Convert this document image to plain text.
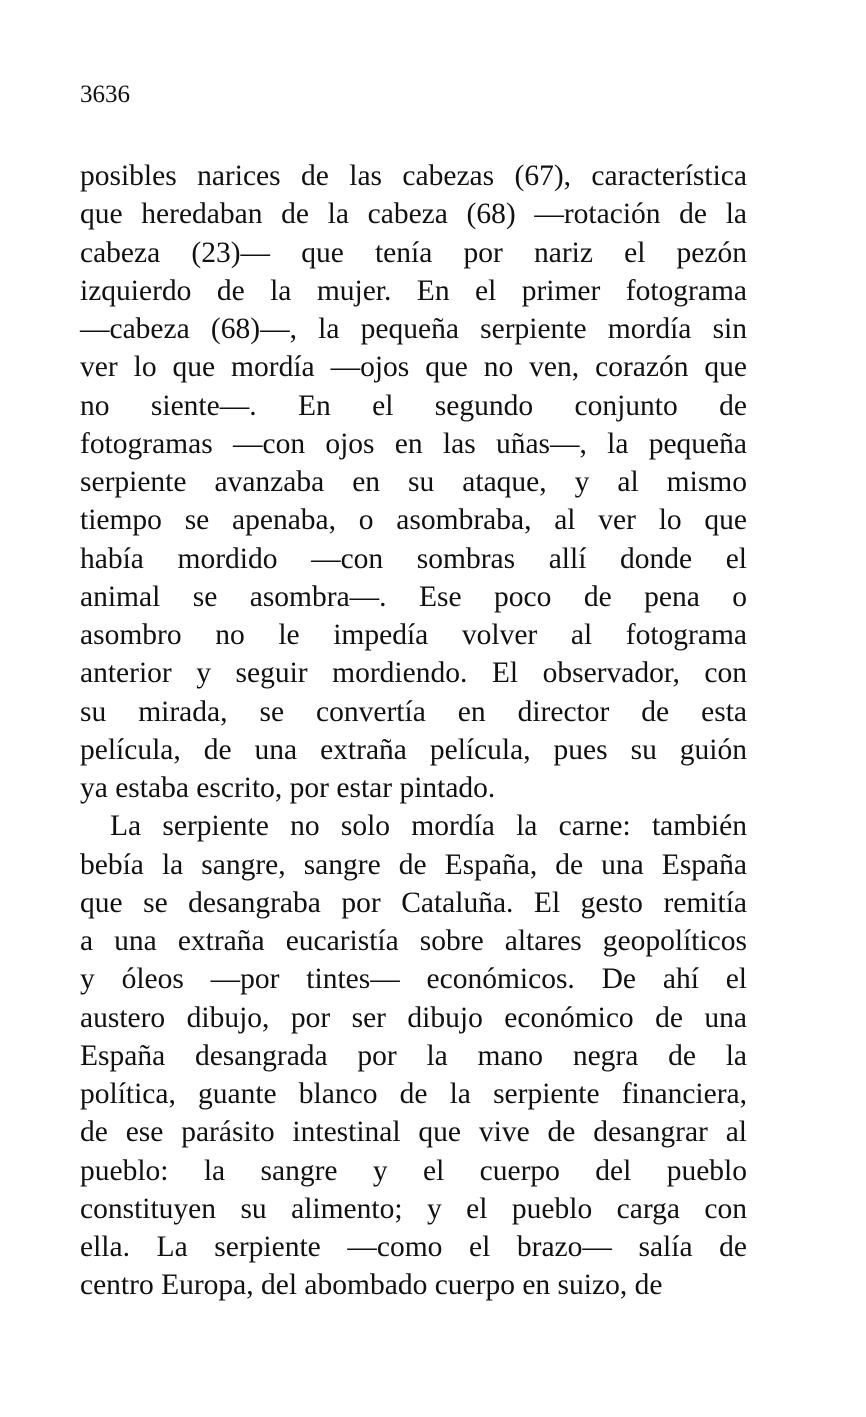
3636
posibles narices de las cabezas (67), característica
que heredaban de la cabeza (68) —rotación de la
cabeza (23)— que tenía por nariz el pezón
izquierdo de la mujer. En el primer fotograma
—cabeza (68)—, la pequeña serpiente mordía sin
ver lo que mordía —ojos que no ven, corazón que
no siente—. En el segundo conjunto de
fotogramas —con ojos en las uñas—, la pequeña
serpiente avanzaba en su ataque, y al mismo
tiempo se apenaba, o asombraba, al ver lo que
había mordido —con sombras allí donde el
animal se asombra—. Ese poco de pena o
asombro no le impedía volver al fotograma
anterior y seguir mordiendo. El observador, con
su mirada, se convertía en director de esta
película, de una extraña película, pues su guión
ya estaba escrito, por estar pintado.
La serpiente no solo mordía la carne: también
bebía la sangre, sangre de España, de una España
que se desangraba por Cataluña. El gesto remitía
a una extraña eucaristía sobre altares geopolíticos
y óleos —por tintes— económicos. De ahí el
austero dibujo, por ser dibujo económico de una
España desangrada por la mano negra de la
política, guante blanco de la serpiente financiera,
de ese parásito intestinal que vive de desangrar al
pueblo: la sangre y el cuerpo del pueblo
constituyen su alimento; y el pueblo carga con
ella. La serpiente —como el brazo— salía de
centro Europa, del abombado cuerpo en suizo, de
